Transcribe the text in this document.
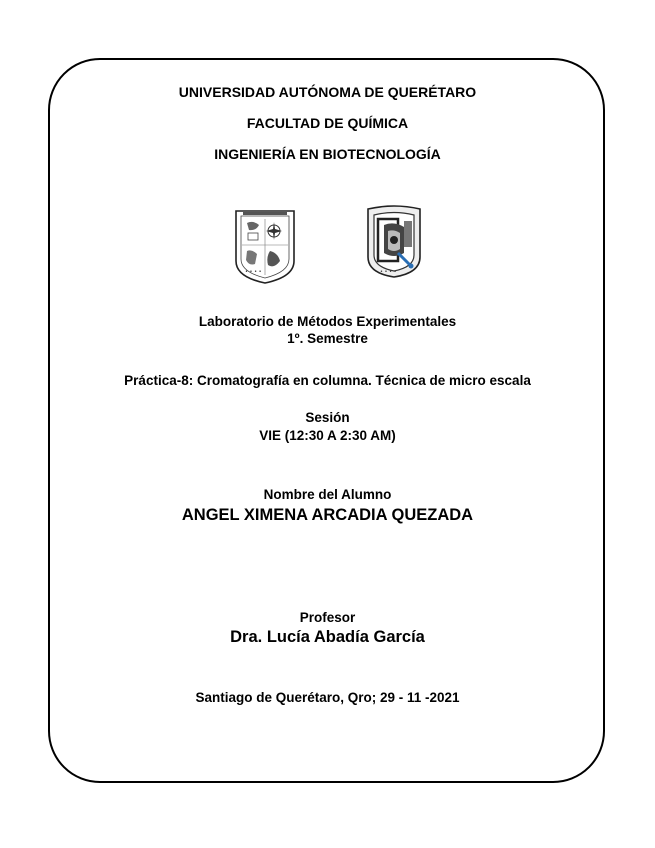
UNIVERSIDAD AUTÓNOMA DE QUERÉTARO
FACULTAD DE QUÍMICA
INGENIERÍA EN BIOTECNOLOGÍA
• • • •	• • • •
Laboratorio de Métodos Experimentales
1º. Semestre
Práctica-8: Cromatografía en columna. Técnica de micro escala
Sesión
VIE (12:30 A 2:30 AM)
Nombre del Alumno
ANGEL XIMENA ARCADIA QUEZADA
Profesor
Dra. Lucía Abadía García
Santiago de Querétaro, Qro; 29 - 11 -2021
